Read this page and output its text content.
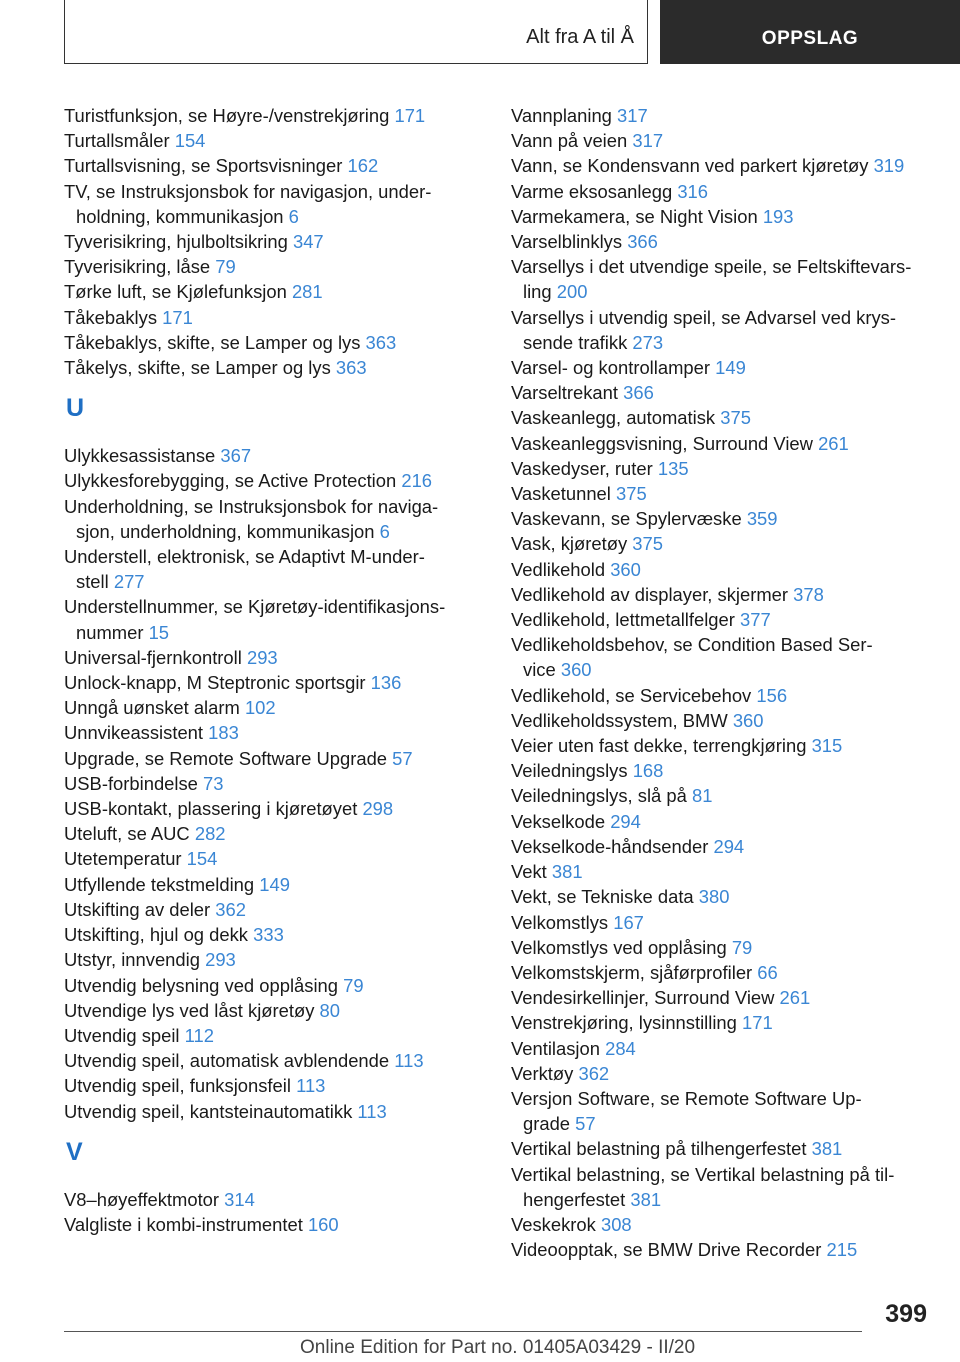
Alt fra A til Å	OPPSLAG
Turistfunksjon, se Høyre-/venstrekjøring 171
Turtallsmåler 154
Turtallsvisning, se Sportsvisninger 162
TV, se Instruksjonsbok for navigasjon, under-
holdning, kommunikasjon 6
Tyverisikring, hjulboltsikring 347
Tyverisikring, låse 79
Tørke luft, se Kjølefunksjon 281
Tåkebaklys 171
Tåkebaklys, skifte, se Lamper og lys 363
Tåkelys, skifte, se Lamper og lys 363
U
Ulykkesassistanse 367
Ulykkesforebygging, se Active Protection 216
Underholdning, se Instruksjonsbok for naviga-
sjon, underholdning, kommunikasjon 6
Understell, elektronisk, se Adaptivt M-under-
stell 277
Understellnummer, se Kjøretøy-identifikasjons-
nummer 15
Universal-fjernkontroll 293
Unlock-knapp, M Steptronic sportsgir 136
Unngå uønsket alarm 102
Unnvikeassistent 183
Upgrade, se Remote Software Upgrade 57
USB-forbindelse 73
USB-kontakt, plassering i kjøretøyet 298
Uteluft, se AUC 282
Utetemperatur 154
Utfyllende tekstmelding 149
Utskifting av deler 362
Utskifting, hjul og dekk 333
Utstyr, innvendig 293
Utvendig belysning ved opplåsing 79
Utvendige lys ved låst kjøretøy 80
Utvendig speil 112
Utvendig speil, automatisk avblendende 113
Utvendig speil, funksjonsfeil 113
Utvendig speil, kantsteinautomatikk 113
V
V8–høyeffektmotor 314
Valgliste i kombi-instrumentet 160
Vannplaning 317
Vann på veien 317
Vann, se Kondensvann ved parkert kjøretøy 319
Varme eksosanlegg 316
Varmekamera, se Night Vision 193
Varselblinklys 366
Varsellys i det utvendige speile, se Feltskiftevars-
ling 200
Varsellys i utvendig speil, se Advarsel ved krys-
sende trafikk 273
Varsel- og kontrollamper 149
Varseltrekant 366
Vaskeanlegg, automatisk 375
Vaskeanleggsvisning, Surround View 261
Vaskedyser, ruter 135
Vasketunnel 375
Vaskevann, se Spylervæske 359
Vask, kjøretøy 375
Vedlikehold 360
Vedlikehold av displayer, skjermer 378
Vedlikehold, lettmetallfelger 377
Vedlikeholdsbehov, se Condition Based Ser-
vice 360
Vedlikehold, se Servicebehov 156
Vedlikeholdssystem, BMW 360
Veier uten fast dekke, terrengkjøring 315
Veiledningslys 168
Veiledningslys, slå på 81
Vekselkode 294
Vekselkode-håndsender 294
Vekt 381
Vekt, se Tekniske data 380
Velkomstlys 167
Velkomstlys ved opplåsing 79
Velkomstskjerm, sjåførprofiler 66
Vendesirkellinjer, Surround View 261
Venstrekjøring, lysinnstilling 171
Ventilasjon 284
Verktøy 362
Versjon Software, se Remote Software Up-
grade 57
Vertikal belastning på tilhengerfestet 381
Vertikal belastning, se Vertikal belastning på til-
hengerfestet 381
Veskekrok 308
Videoopptak, se BMW Drive Recorder 215
399
Online Edition for Part no. 01405A03429 - II/20
